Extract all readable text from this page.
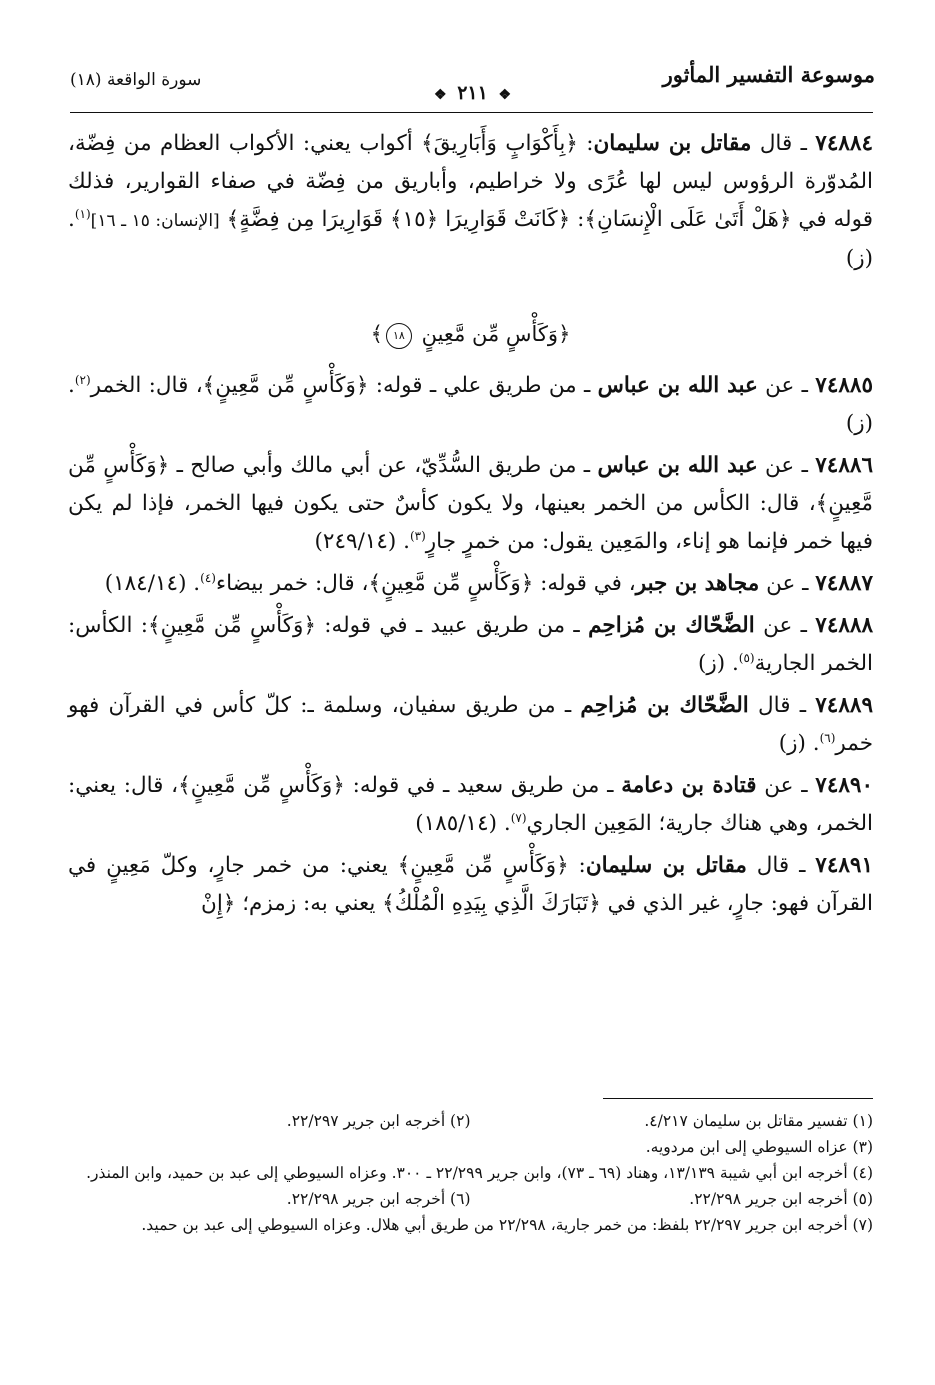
موسوعة التفسير المأثور
❖ ٢١١ ❖
سورة الواقعة (١٨)

٧٤٨٨٤ ـ قال مقاتل بن سليمان: ﴿بِأَكْوَابٍ وَأَبَارِيقَ﴾ أكواب يعني: الأكواب العظام من فِضّة، المُدوّرة الرؤوس ليس لها عُرًى ولا خراطيم، وأباريق من فِضّة في صفاء القوارير، فذلك قوله في ﴿هَلْ أَتَىٰ عَلَى الْإِنسَانِ﴾: ﴿كَانَتْ قَوَارِيرَا ﴿١٥﴾ قَوَارِيرَا مِن فِضَّةٍ﴾ [الإنسان: ١٥ ـ ١٦]$^{(١)}$. (ز)

﴿وَكَأْسٍ مِّن مَّعِينٍ ١٨﴾

٧٤٨٨٥ ـ عن عبد الله بن عباس ـ من طريق علي ـ قوله: ﴿وَكَأْسٍ مِّن مَّعِينٍ﴾، قال: الخمر$^{(٢)}$. (ز)

٧٤٨٨٦ ـ عن عبد الله بن عباس ـ من طريق السُّدِّيّ، عن أبي مالك وأبي صالح ـ ﴿وَكَأْسٍ مِّن مَّعِينٍ﴾، قال: الكأس من الخمر بعينها، ولا يكون كأسٌ حتى يكون فيها الخمر، فإذا لم يكن فيها خمر فإنما هو إناء، والمَعِين يقول: من خمرٍ جارٍ$^{(٣)}$. (٢٤٩/١٤)

٧٤٨٨٧ ـ عن مجاهد بن جبر، في قوله: ﴿وَكَأْسٍ مِّن مَّعِينٍ﴾، قال: خمر بيضاء$^{(٤)}$. (١٨٤/١٤)

٧٤٨٨٨ ـ عن الضَّحّاك بن مُزاحِم ـ من طريق عبيد ـ في قوله: ﴿وَكَأْسٍ مِّن مَّعِينٍ﴾: الكأس: الخمر الجارية$^{(٥)}$. (ز)

٧٤٨٨٩ ـ قال الضَّحّاك بن مُزاحِم ـ من طريق سفيان، وسلمة ـ: كلّ كأس في القرآن فهو خمر$^{(٦)}$. (ز)

٧٤٨٩٠ ـ عن قتادة بن دعامة ـ من طريق سعيد ـ في قوله: ﴿وَكَأْسٍ مِّن مَّعِينٍ﴾، قال: يعني: الخمر، وهي هناك جارية؛ المَعِين الجاري$^{(٧)}$. (١٨٥/١٤)

٧٤٨٩١ ـ قال مقاتل بن سليمان: ﴿وَكَأْسٍ مِّن مَّعِينٍ﴾ يعني: من خمر جارٍ، وكلّ مَعِينٍ في القرآن فهو: جارٍ، غير الذي في ﴿تَبَارَكَ الَّذِي بِيَدِهِ الْمُلْكُ﴾ يعني به: زمزم؛ ﴿إِنْ

(١) تفسير مقاتل بن سليمان ٤/٢١٧.

(٢) أخرجه ابن جرير ٢٢/٢٩٧.

(٣) عزاه السيوطي إلى ابن مردويه.

(٤) أخرجه ابن أبي شيبة ١٣/١٣٩، وهناد (٦٩ ـ ٧٣)، وابن جرير ٢٢/٢٩٩ ـ ٣٠٠. وعزاه السيوطي إلى عبد بن حميد، وابن المنذر.

(٥) أخرجه ابن جرير ٢٢/٢٩٨.

(٦) أخرجه ابن جرير ٢٢/٢٩٨.

(٧) أخرجه ابن جرير ٢٢/٢٩٧ بلفظ: من خمر جارية، ٢٢/٢٩٨ من طريق أبي هلال. وعزاه السيوطي إلى عبد بن حميد.
